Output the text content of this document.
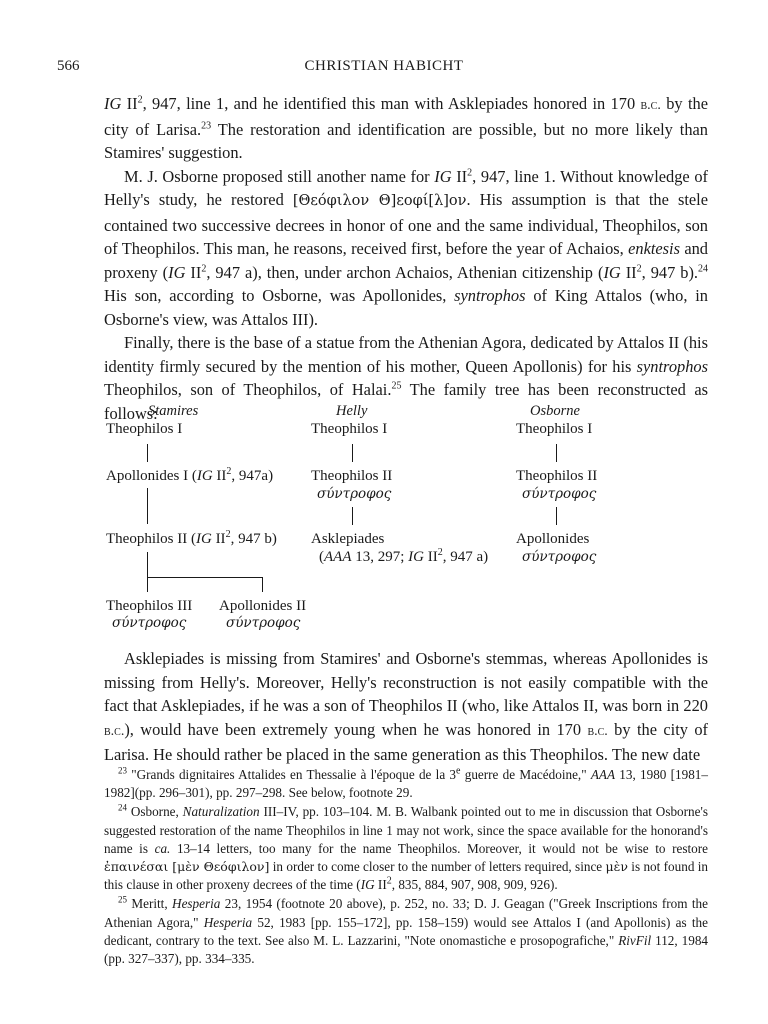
566	CHRISTIAN HABICHT

IG $II^2$, 947, line 1, and he identified this man with Asklepiades honored in 170 b.c. by the city of Larisa.$^{23}$ The restoration and identification are possible, but no more likely than Stamires' suggestion.

M. J. Osborne proposed still another name for IG $II^2$, 947, line 1. Without knowledge of Helly's study, he restored [Θεόφιλον Θ]εοφί[λ]ον. His assumption is that the stele contained two successive decrees in honor of one and the same individual, Theophilos, son of Theophilos. This man, he reasons, received first, before the year of Achaios, enktesis and proxeny (IG $II^2$, 947 a), then, under archon Achaios, Athenian citizenship (IG $II^2$, 947 b).$^{24}$ His son, according to Osborne, was Apollonides, syntrophos of King Attalos (who, in Osborne's view, was Attalos III).

Finally, there is the base of a statue from the Athenian Agora, dedicated by Attalos II (his identity firmly secured by the mention of his mother, Queen Apollonis) for his syntrophos Theophilos, son of Theophilos, of Halai.$^{25}$ The family tree has been reconstructed as follows:

Stamires
Theophilos I
Apollonides I (IG $II^2$, 947a)
Theophilos II (IG $II^2$, 947 b)
Theophilos III
σύντροφος
Apollonides II
σύντροφος
Helly
Theophilos I
Theophilos II
σύντροφος
Asklepiades
(AAA 13, 297; IG $II^2$, 947 a)
Osborne
Theophilos I
Theophilos II
σύντροφος
Apollonides
σύντροφος

Asklepiades is missing from Stamires' and Osborne's stemmas, whereas Apollonides is missing from Helly's. Moreover, Helly's reconstruction is not easily compatible with the fact that Asklepiades, if he was a son of Theophilos II (who, like Attalos II, was born in 220 b.c.), would have been extremely young when he was honored in 170 b.c. by the city of Larisa. He should rather be placed in the same generation as this Theophilos. The new date

$^{23}$ "Grands dignitaires Attalides en Thessalie à l'époque de la 3e guerre de Macédoine," AAA 13, 1980 [1981–1982](pp. 296–301), pp. 297–298. See below, footnote 29.

$^{24}$ Osborne, Naturalization III–IV, pp. 103–104. M. B. Walbank pointed out to me in discussion that Osborne's suggested restoration of the name Theophilos in line 1 may not work, since the space available for the honorand's name is ca. 13–14 letters, too many for the name Theophilos. Moreover, it would not be wise to restore ἐπαινέσαι [μὲν Θεόφιλον] in order to come closer to the number of letters required, since μὲν is not found in this clause in other proxeny decrees of the time (IG $II^2$, 835, 884, 907, 908, 909, 926).

$^{25}$ Meritt, Hesperia 23, 1954 (footnote 20 above), p. 252, no. 33; D. J. Geagan ("Greek Inscriptions from the Athenian Agora," Hesperia 52, 1983 [pp. 155–172], pp. 158–159) would see Attalos I (and Apollonis) as the dedicant, contrary to the text. See also M. L. Lazzarini, "Note onomastiche e prosopografiche," RivFil 112, 1984 (pp. 327–337), pp. 334–335.
